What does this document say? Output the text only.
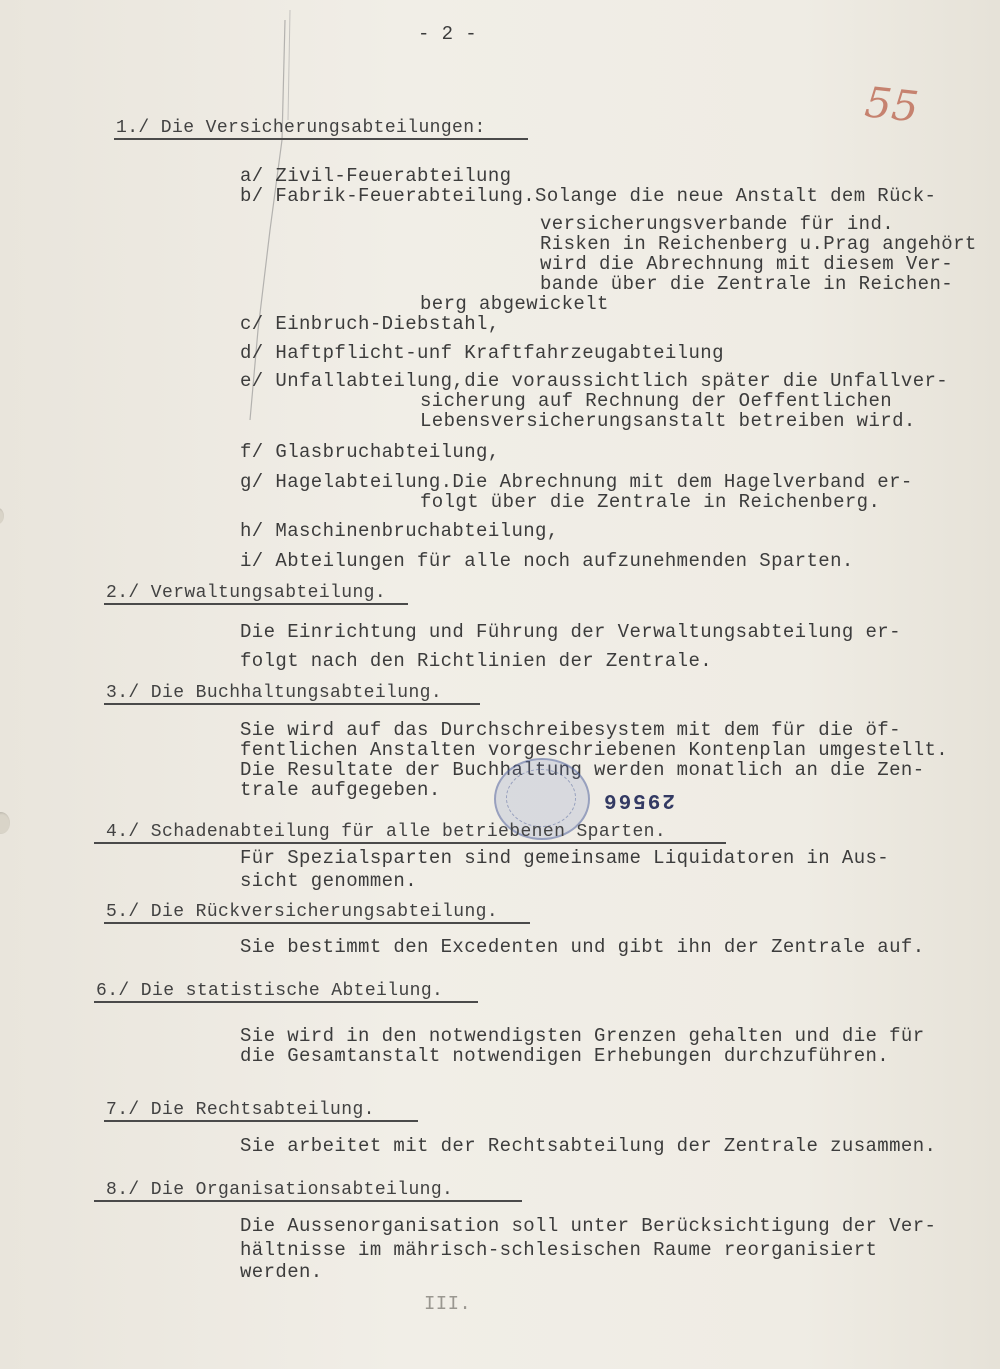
- 2 -
55
1./ Die Versicherungsabteilungen:
a/ Zivil-Feuerabteilung
b/ Fabrik-Feuerabteilung.Solange die neue Anstalt dem Rück-
versicherungsverbande für ind.
Risken in Reichenberg u.Prag angehört
wird die Abrechnung mit diesem Ver-
bande über die Zentrale in Reichen-
berg abgewickelt
c/ Einbruch-Diebstahl,
d/ Haftpflicht-unf Kraftfahrzeugabteilung
e/ Unfallabteilung,die voraussichtlich später die Unfallver-
sicherung auf Rechnung der Oeffentlichen
Lebensversicherungsanstalt betreiben wird.
f/ Glasbruchabteilung,
g/ Hagelabteilung.Die Abrechnung mit dem Hagelverband er-
folgt über die Zentrale in Reichenberg.
h/ Maschinenbruchabteilung,
i/ Abteilungen für alle noch aufzunehmenden Sparten.
2./ Verwaltungsabteilung.
Die Einrichtung und Führung der Verwaltungsabteilung er-
folgt nach den Richtlinien der Zentrale.
3./ Die Buchhaltungsabteilung.
Sie wird auf das Durchschreibesystem mit dem für die öf-
fentlichen Anstalten vorgeschriebenen Kontenplan umgestellt.
Die Resultate der Buchhaltung werden monatlich an die Zen-
trale aufgegeben.	29566
4./ Schadenabteilung für alle betriebenen Sparten.
Für Spezialsparten sind gemeinsame Liquidatoren in Aus-
sicht genommen.
5./ Die Rückversicherungsabteilung.
Sie bestimmt den Excedenten und gibt ihn der Zentrale auf.
6./ Die statistische Abteilung.
Sie wird in den notwendigsten Grenzen gehalten und die für
die Gesamtanstalt notwendigen Erhebungen durchzuführen.
7./ Die Rechtsabteilung.
Sie arbeitet mit der Rechtsabteilung der Zentrale zusammen.
8./ Die Organisationsabteilung.
Die Aussenorganisation soll unter Berücksichtigung der Ver-
hältnisse im mährisch-schlesischen Raume reorganisiert
werden.
III.
